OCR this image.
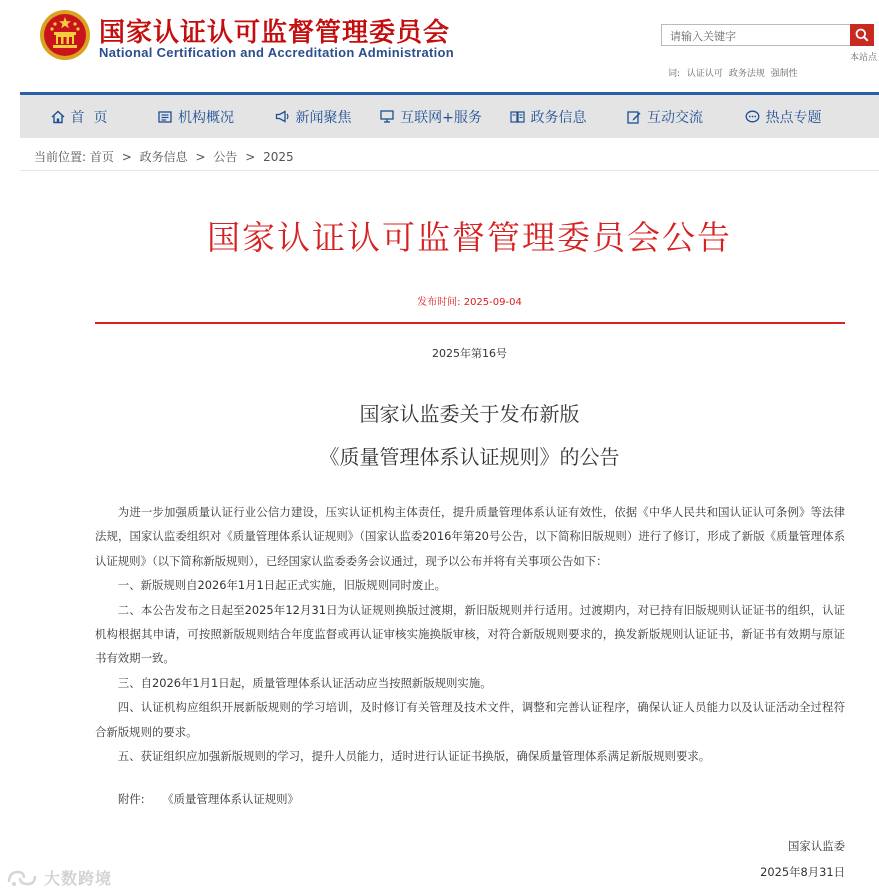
国家认证认可监督管理委员会
National Certification and Accreditation Administration
请输入关键字	本站点
词: 认证认可 政务法规 强制性
首  页	机构概况	新闻聚焦	互联网+服务	政务信息	互动交流	热点专题
当前位置: 首页 > 政务信息 > 公告 > 2025
国家认证认可监督管理委员会公告
发布时间: 2025-09-04
2025年第16号
国家认监委关于发布新版
《质量管理体系认证规则》的公告

为进一步加强质量认证行业公信力建设，压实认证机构主体责任，提升质量管理体系认证有效性，依据《中华人民共和国认证认可条例》等法律法规，国家认监委组织对《质量管理体系认证规则》（国家认监委2016年第20号公告，以下简称旧版规则）进行了修订，形成了新版《质量管理体系认证规则》（以下简称新版规则），已经国家认监委委务会议通过，现予以公布并将有关事项公告如下：

一、新版规则自2026年1月1日起正式实施，旧版规则同时废止。

二、本公告发布之日起至2025年12月31日为认证规则换版过渡期，新旧版规则并行适用。过渡期内，对已持有旧版规则认证证书的组织，认证机构根据其申请，可按照新版规则结合年度监督或再认证审核实施换版审核，对符合新版规则要求的，换发新版规则认证证书，新证书有效期与原证书有效期一致。

三、自2026年1月1日起，质量管理体系认证活动应当按照新版规则实施。

四、认证机构应组织开展新版规则的学习培训，及时修订有关管理及技术文件，调整和完善认证程序，确保认证人员能力以及认证活动全过程符合新版规则的要求。

五、获证组织应加强新版规则的学习，提升人员能力，适时进行认证证书换版，确保质量管理体系满足新版规则要求。

附件: 《质量管理体系认证规则》
国家认监委
2025年8月31日
大数跨境
